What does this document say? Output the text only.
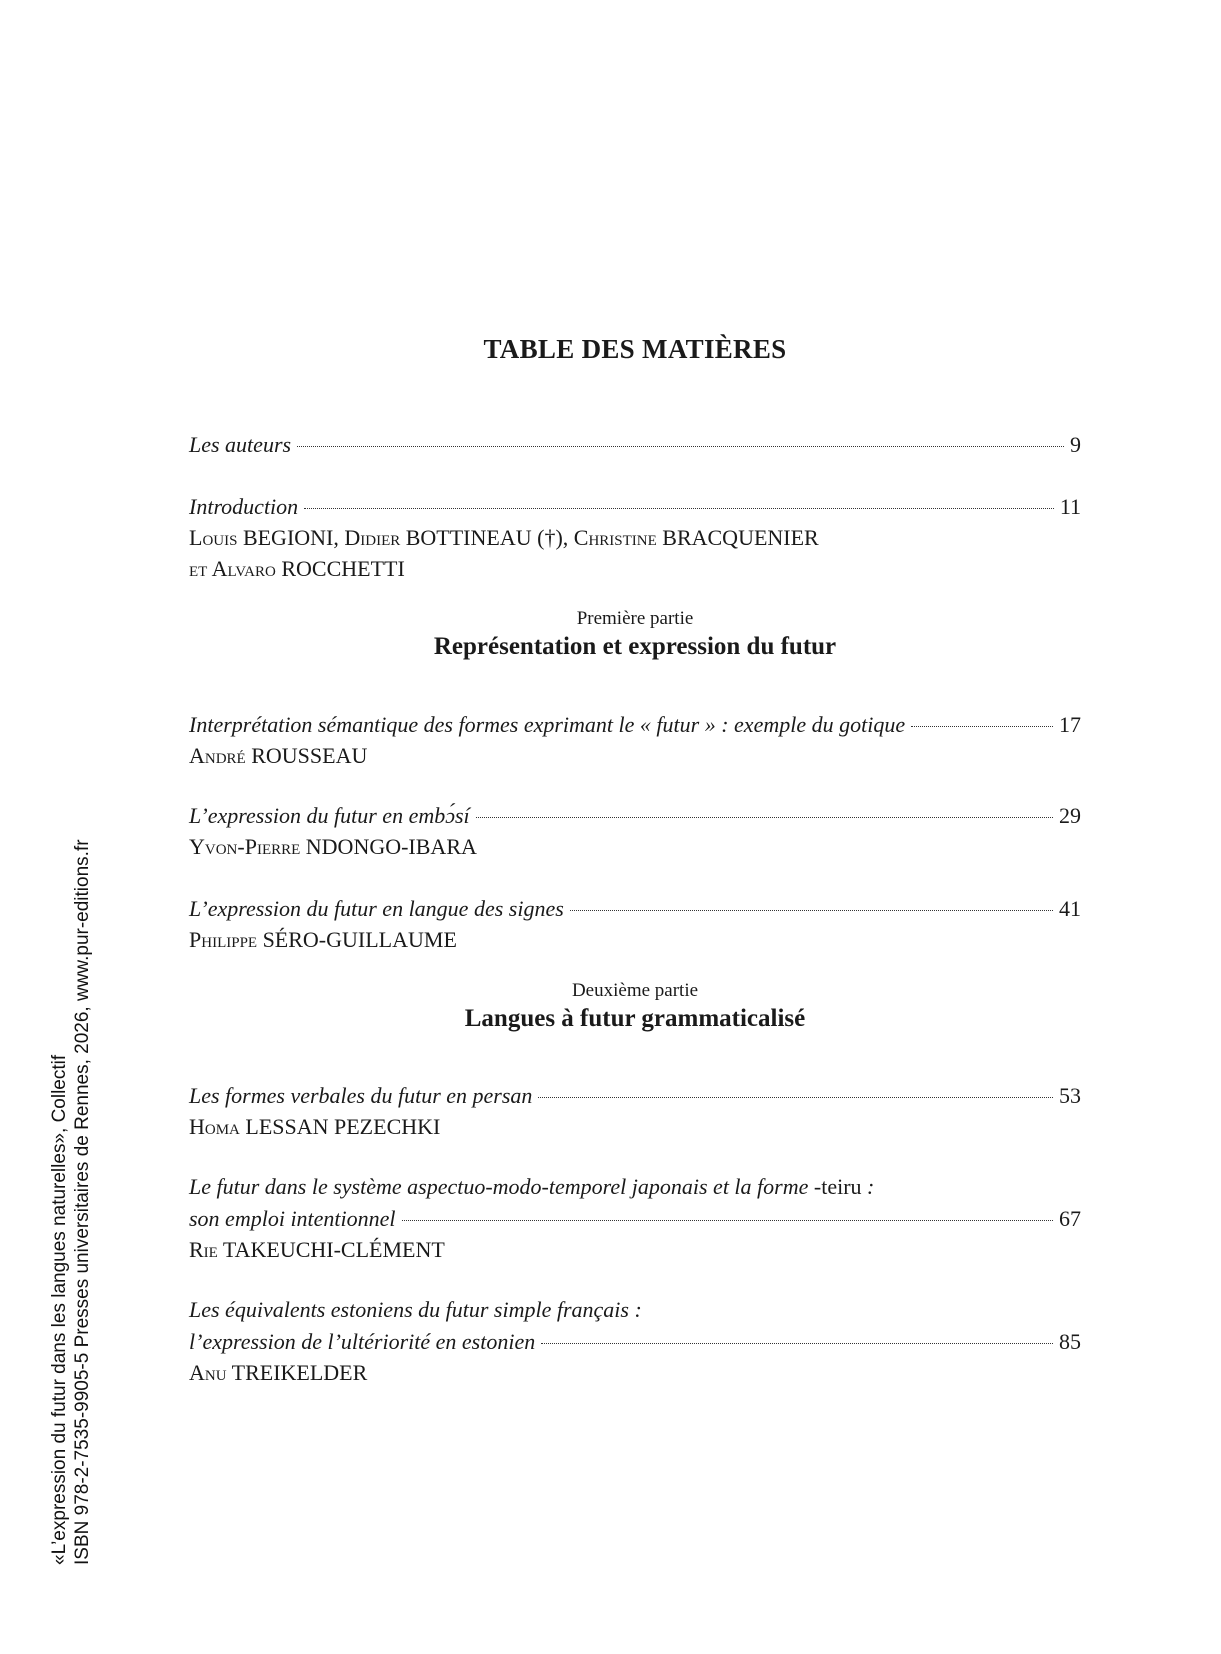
TABLE DES MATIÈRES
Les auteurs	9
Introduction	11
Louis BEGIONI, Didier BOTTINEAU (†), Christine BRACQUENIER
et Alvaro ROCCHETTI
Première partie
Représentation et expression du futur
Interprétation sémantique des formes exprimant le « futur » : exemple du gotique	17
André ROUSSEAU
L’expression du futur en embɔ́sí	29
Yvon-Pierre NDONGO-IBARA
L’expression du futur en langue des signes	41
Philippe SÉRO-GUILLAUME
Deuxième partie
Langues à futur grammaticalisé
Les formes verbales du futur en persan	53
Homa LESSAN PEZECHKI
Le futur dans le système aspectuo-modo-temporel japonais et la forme -teiru :
son emploi intentionnel	67
Rie TAKEUCHI-CLÉMENT
Les équivalents estoniens du futur simple français :
l’expression de l’ultériorité en estonien	85
Anu TREIKELDER
«L’expression du futur dans les langues naturelles», Collectif ISBN 978-2-7535-9905-5 Presses universitaires de Rennes, 2026, www.pur-editions.fr
